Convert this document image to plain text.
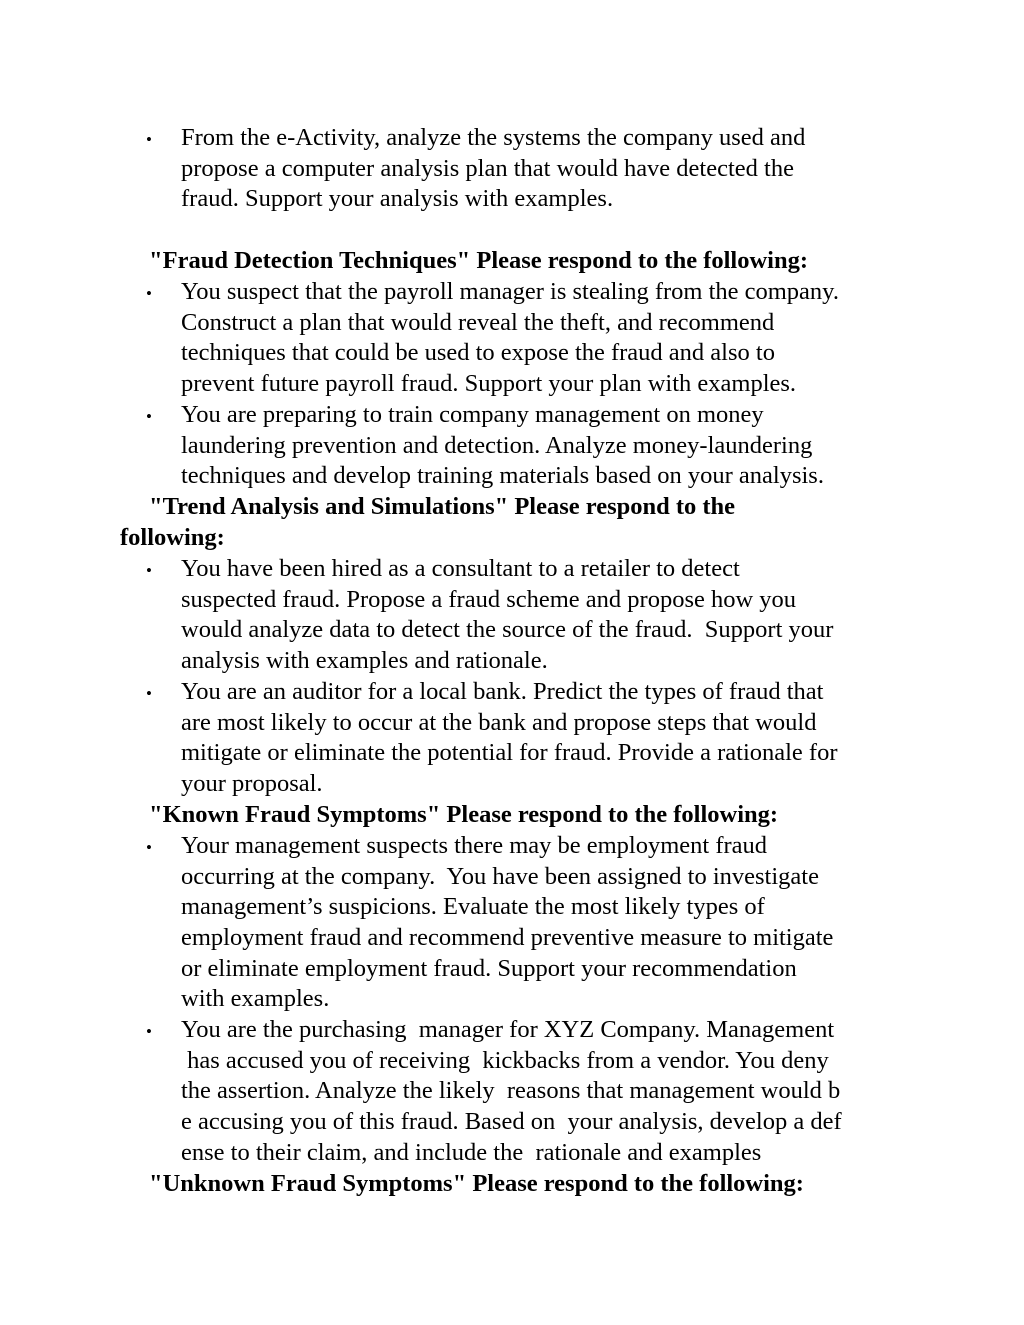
• From the e-Activity, analyze the systems the company used and
propose a computer analysis plan that would have detected the
fraud. Support your analysis with examples.
"Fraud Detection Techniques" Please respond to the following:
• You suspect that the payroll manager is stealing from the company.
Construct a plan that would reveal the theft, and recommend
techniques that could be used to expose the fraud and also to
prevent future payroll fraud. Support your plan with examples.
• You are preparing to train company management on money
laundering prevention and detection. Analyze money-laundering
techniques and develop training materials based on your analysis.
"Trend Analysis and Simulations" Please respond to the
following:
• You have been hired as a consultant to a retailer to detect
suspected fraud. Propose a fraud scheme and propose how you
would analyze data to detect the source of the fraud.  Support your
analysis with examples and rationale.
• You are an auditor for a local bank. Predict the types of fraud that
are most likely to occur at the bank and propose steps that would
mitigate or eliminate the potential for fraud. Provide a rationale for
your proposal.
"Known Fraud Symptoms" Please respond to the following:
• Your management suspects there may be employment fraud
occurring at the company.  You have been assigned to investigate
management’s suspicions. Evaluate the most likely types of
employment fraud and recommend preventive measure to mitigate
or eliminate employment fraud. Support your recommendation
with examples.
• You are the purchasing  manager for XYZ Company. Management
has accused you of receiving  kickbacks from a vendor. You deny
the assertion. Analyze the likely  reasons that management would b
e accusing you of this fraud. Based on  your analysis, develop a def
ense to their claim, and include the  rationale and examples
"Unknown Fraud Symptoms" Please respond to the following:
